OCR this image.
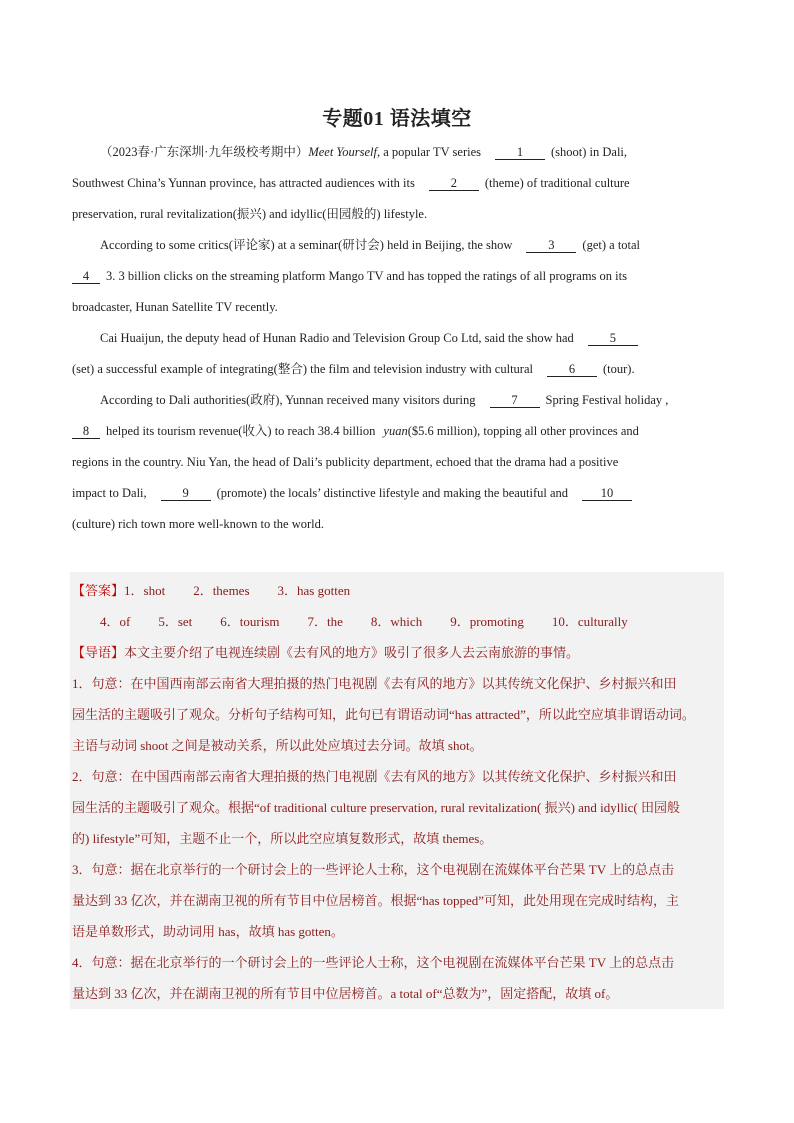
专题01 语法填空
（2023春·广东深圳·九年级校考期中）Meet Yourself, a popular TV series	1 (shoot) in Dali,
Southwest China’s Yunnan province, has attracted audiences with its	2 (theme) of traditional culture
preservation, rural revitalization(振兴) and idyllic(田园般的) lifestyle.
According to some critics(评论家) at a seminar(研讨会) held in Beijing, the show	3 (get) a total
4 3. 3 billion clicks on the streaming platform Mango TV and has topped the ratings of all programs on its
broadcaster, Hunan Satellite TV recently.
Cai Huaijun, the deputy head of Hunan Radio and Television Group Co Ltd, said the show had	5
(set) a successful example of integrating(整合) the film and television industry with cultural	6 (tour).
According to Dali authorities(政府), Yunnan received many visitors during	7 Spring Festival holiday ,
8 helped its tourism revenue(收入) to reach 38.4 billion yuan($5.6 million), topping all other provinces and
regions in the country. Niu Yan, the head of Dali’s publicity department, echoed that the drama had a positive
impact to Dali,	9 (promote) the locals’ distinctive lifestyle and making the beautiful and	10
(culture) rich town more well-known to the world.
【答案】1．shot 2．themes 3．has gotten
4．of 5．set 6．tourism 7．the 8．which 9．promoting 10．culturally
【导语】本文主要介绍了电视连续剧《去有风的地方》吸引了很多人去云南旅游的事情。
1．句意：在中国西南部云南省大理拍摄的热门电视剧《去有风的地方》以其传统文化保护、乡村振兴和田
园生活的主题吸引了观众。分析句子结构可知，此句已有谓语动词“has attracted”，所以此空应填非谓语动词。
主语与动词 shoot 之间是被动关系，所以此处应填过去分词。故填 shot。
2．句意：在中国西南部云南省大理拍摄的热门电视剧《去有风的地方》以其传统文化保护、乡村振兴和田
园生活的主题吸引了观众。根据“of traditional culture preservation, rural revitalization( 振兴) and idyllic( 田园般
的) lifestyle”可知，主题不止一个，所以此空应填复数形式，故填 themes。
3．句意：据在北京举行的一个研讨会上的一些评论人士称，这个电视剧在流媒体平台芒果 TV 上的总点击
量达到 33 亿次，并在湖南卫视的所有节目中位居榜首。根据“has topped”可知，此处用现在完成时结构，主
语是单数形式，助动词用 has，故填 has gotten。
4．句意：据在北京举行的一个研讨会上的一些评论人士称，这个电视剧在流媒体平台芒果 TV 上的总点击
量达到 33 亿次，并在湖南卫视的所有节目中位居榜首。a total of“总数为”，固定搭配，故填 of。
